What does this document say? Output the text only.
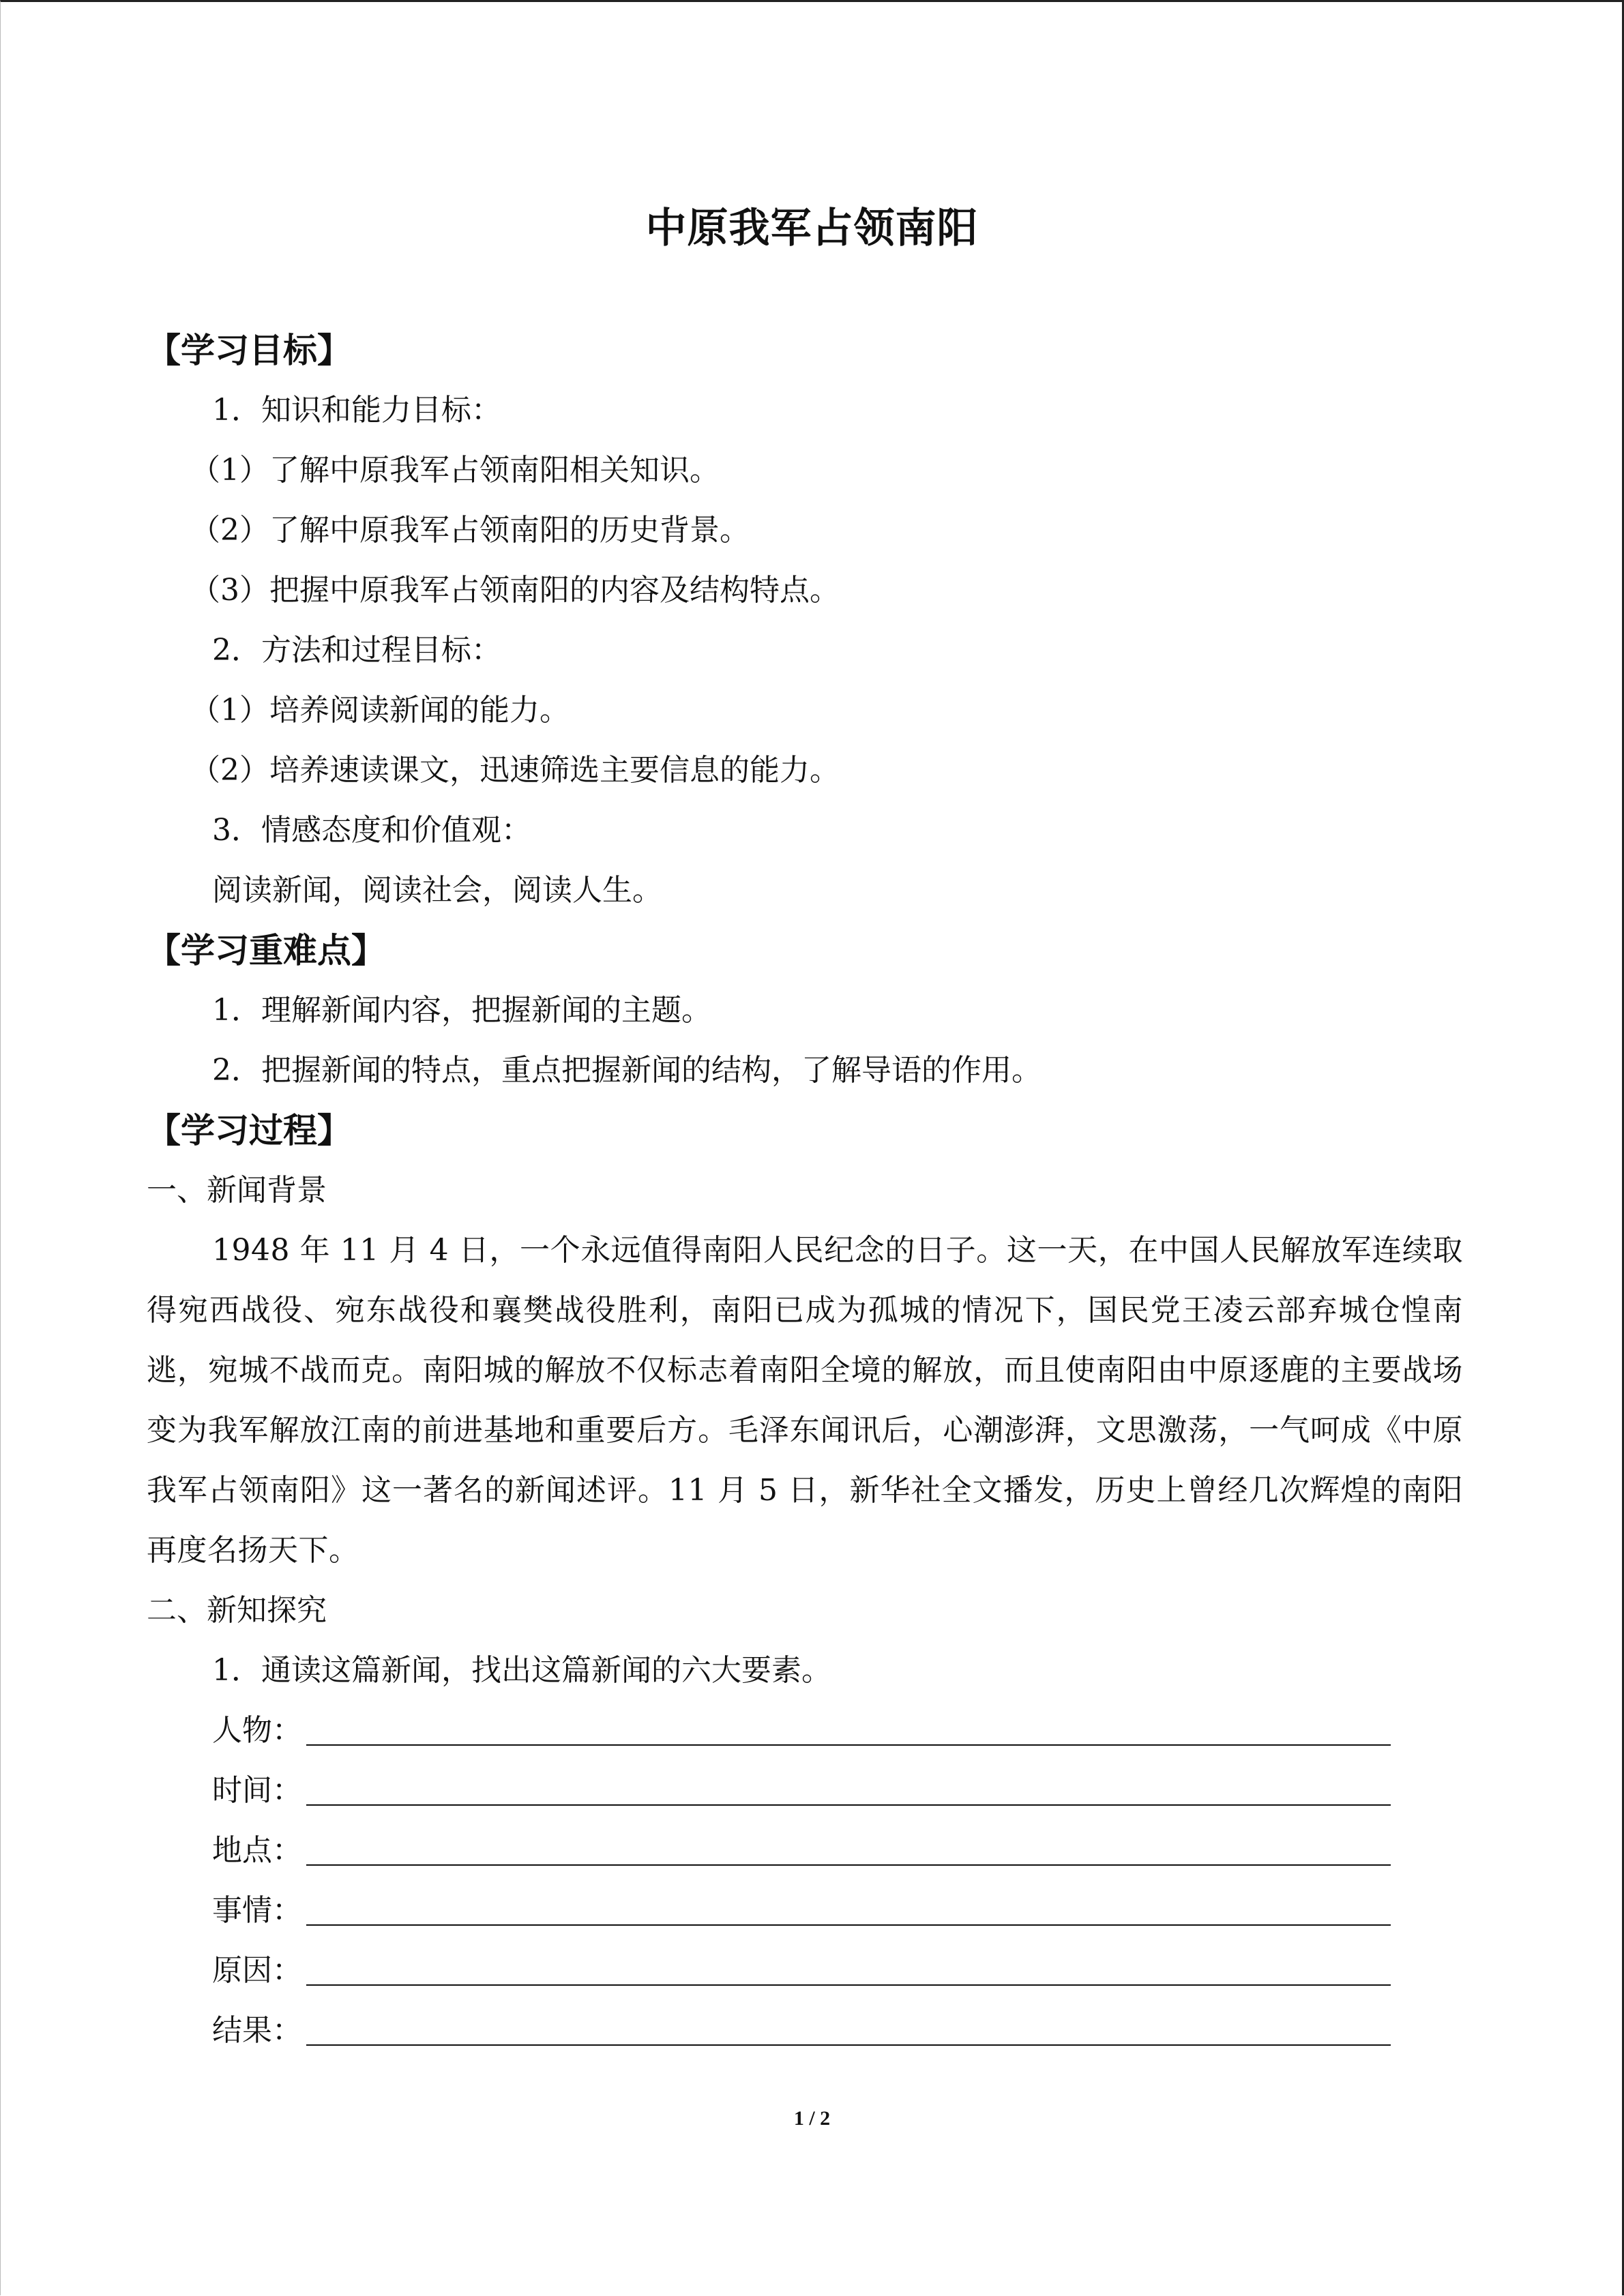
中原我军占领南阳
【学习目标】
1．知识和能力目标：
（1）了解中原我军占领南阳相关知识。
（2）了解中原我军占领南阳的历史背景。
（3）把握中原我军占领南阳的内容及结构特点。
2．方法和过程目标：
（1）培养阅读新闻的能力。
（2）培养速读课文，迅速筛选主要信息的能力。
3．情感态度和价值观：
阅读新闻，阅读社会，阅读人生。
【学习重难点】
1．理解新闻内容，把握新闻的主题。
2．把握新闻的特点，重点把握新闻的结构，了解导语的作用。
【学习过程】
一、新闻背景
1948 年 11 月 4 日，一个永远值得南阳人民纪念的日子。这一天，在中国人民解放军连续取得宛西战役、宛东战役和襄樊战役胜利，南阳已成为孤城的情况下，国民党王凌云部弃城仓惶南逃，宛城不战而克。南阳城的解放不仅标志着南阳全境的解放，而且使南阳由中原逐鹿的主要战场变为我军解放江南的前进基地和重要后方。毛泽东闻讯后，心潮澎湃，文思激荡，一气呵成《中原我军占领南阳》这一著名的新闻述评。11 月 5 日，新华社全文播发，历史上曾经几次辉煌的南阳再度名扬天下。
二、新知探究
1．通读这篇新闻，找出这篇新闻的六大要素。
人物：
时间：
地点：
事情：
原因：
结果：
1 / 2
